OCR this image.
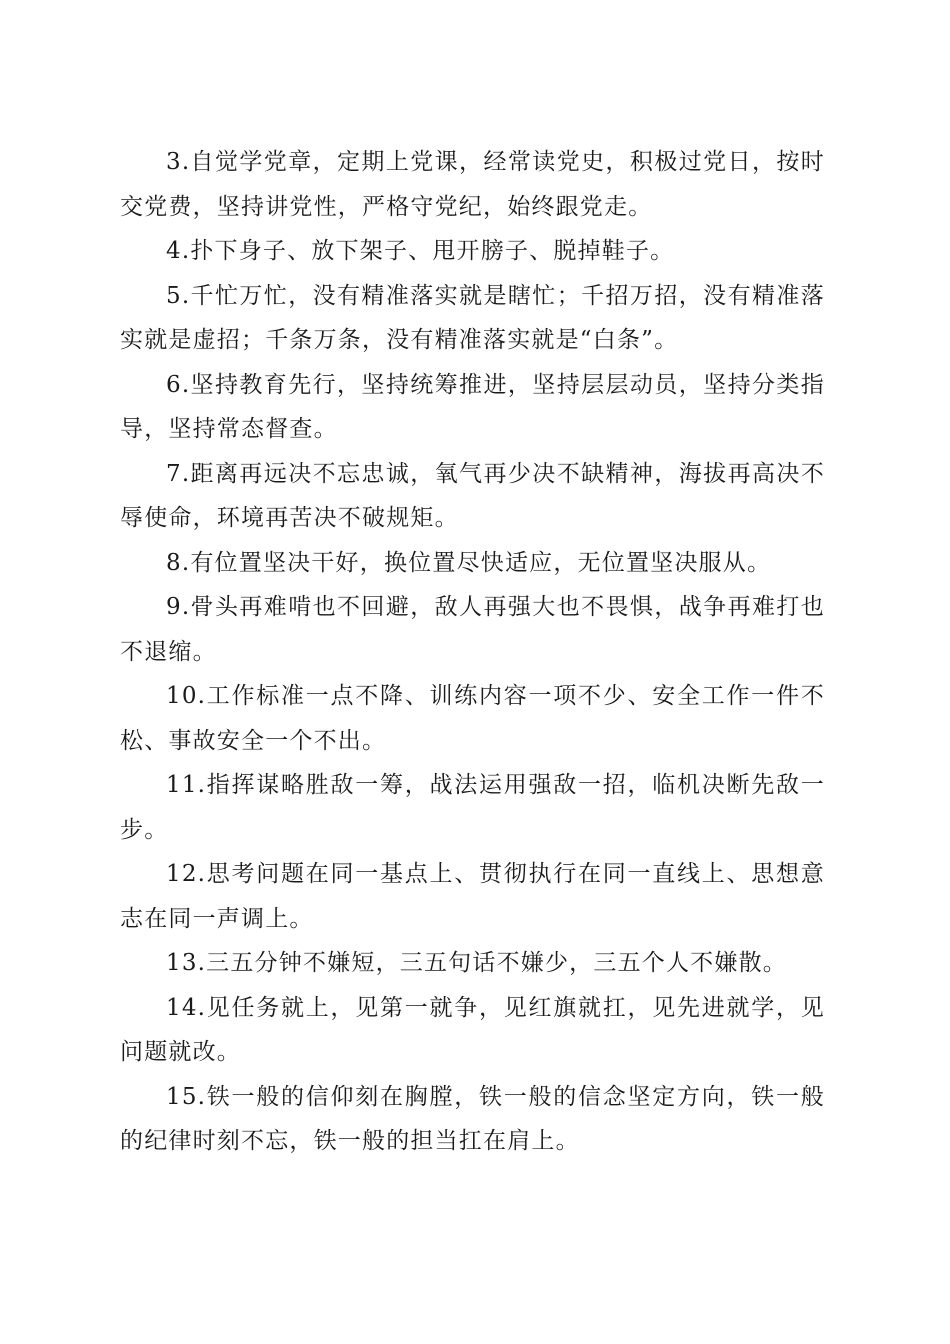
3.自觉学党章，定期上党课，经常读党史，积极过党日，按时交党费，坚持讲党性，严格守党纪，始终跟党走。

4.扑下身子、放下架子、甩开膀子、脱掉鞋子。

5.千忙万忙，没有精准落实就是瞎忙；千招万招，没有精准落实就是虚招；千条万条，没有精准落实就是“白条”。

6.坚持教育先行，坚持统筹推进，坚持层层动员，坚持分类指导，坚持常态督查。

7.距离再远决不忘忠诚，氧气再少决不缺精神，海拔再高决不辱使命，环境再苦决不破规矩。

8.有位置坚决干好，换位置尽快适应，无位置坚决服从。

9.骨头再难啃也不回避，敌人再强大也不畏惧，战争再难打也不退缩。

10.工作标准一点不降、训练内容一项不少、安全工作一件不松、事故安全一个不出。

11.指挥谋略胜敌一筹，战法运用强敌一招，临机决断先敌一步。

12.思考问题在同一基点上、贯彻执行在同一直线上、思想意志在同一声调上。

13.三五分钟不嫌短，三五句话不嫌少，三五个人不嫌散。

14.见任务就上，见第一就争，见红旗就扛，见先进就学，见问题就改。

15.铁一般的信仰刻在胸膛，铁一般的信念坚定方向，铁一般的纪律时刻不忘，铁一般的担当扛在肩上。
